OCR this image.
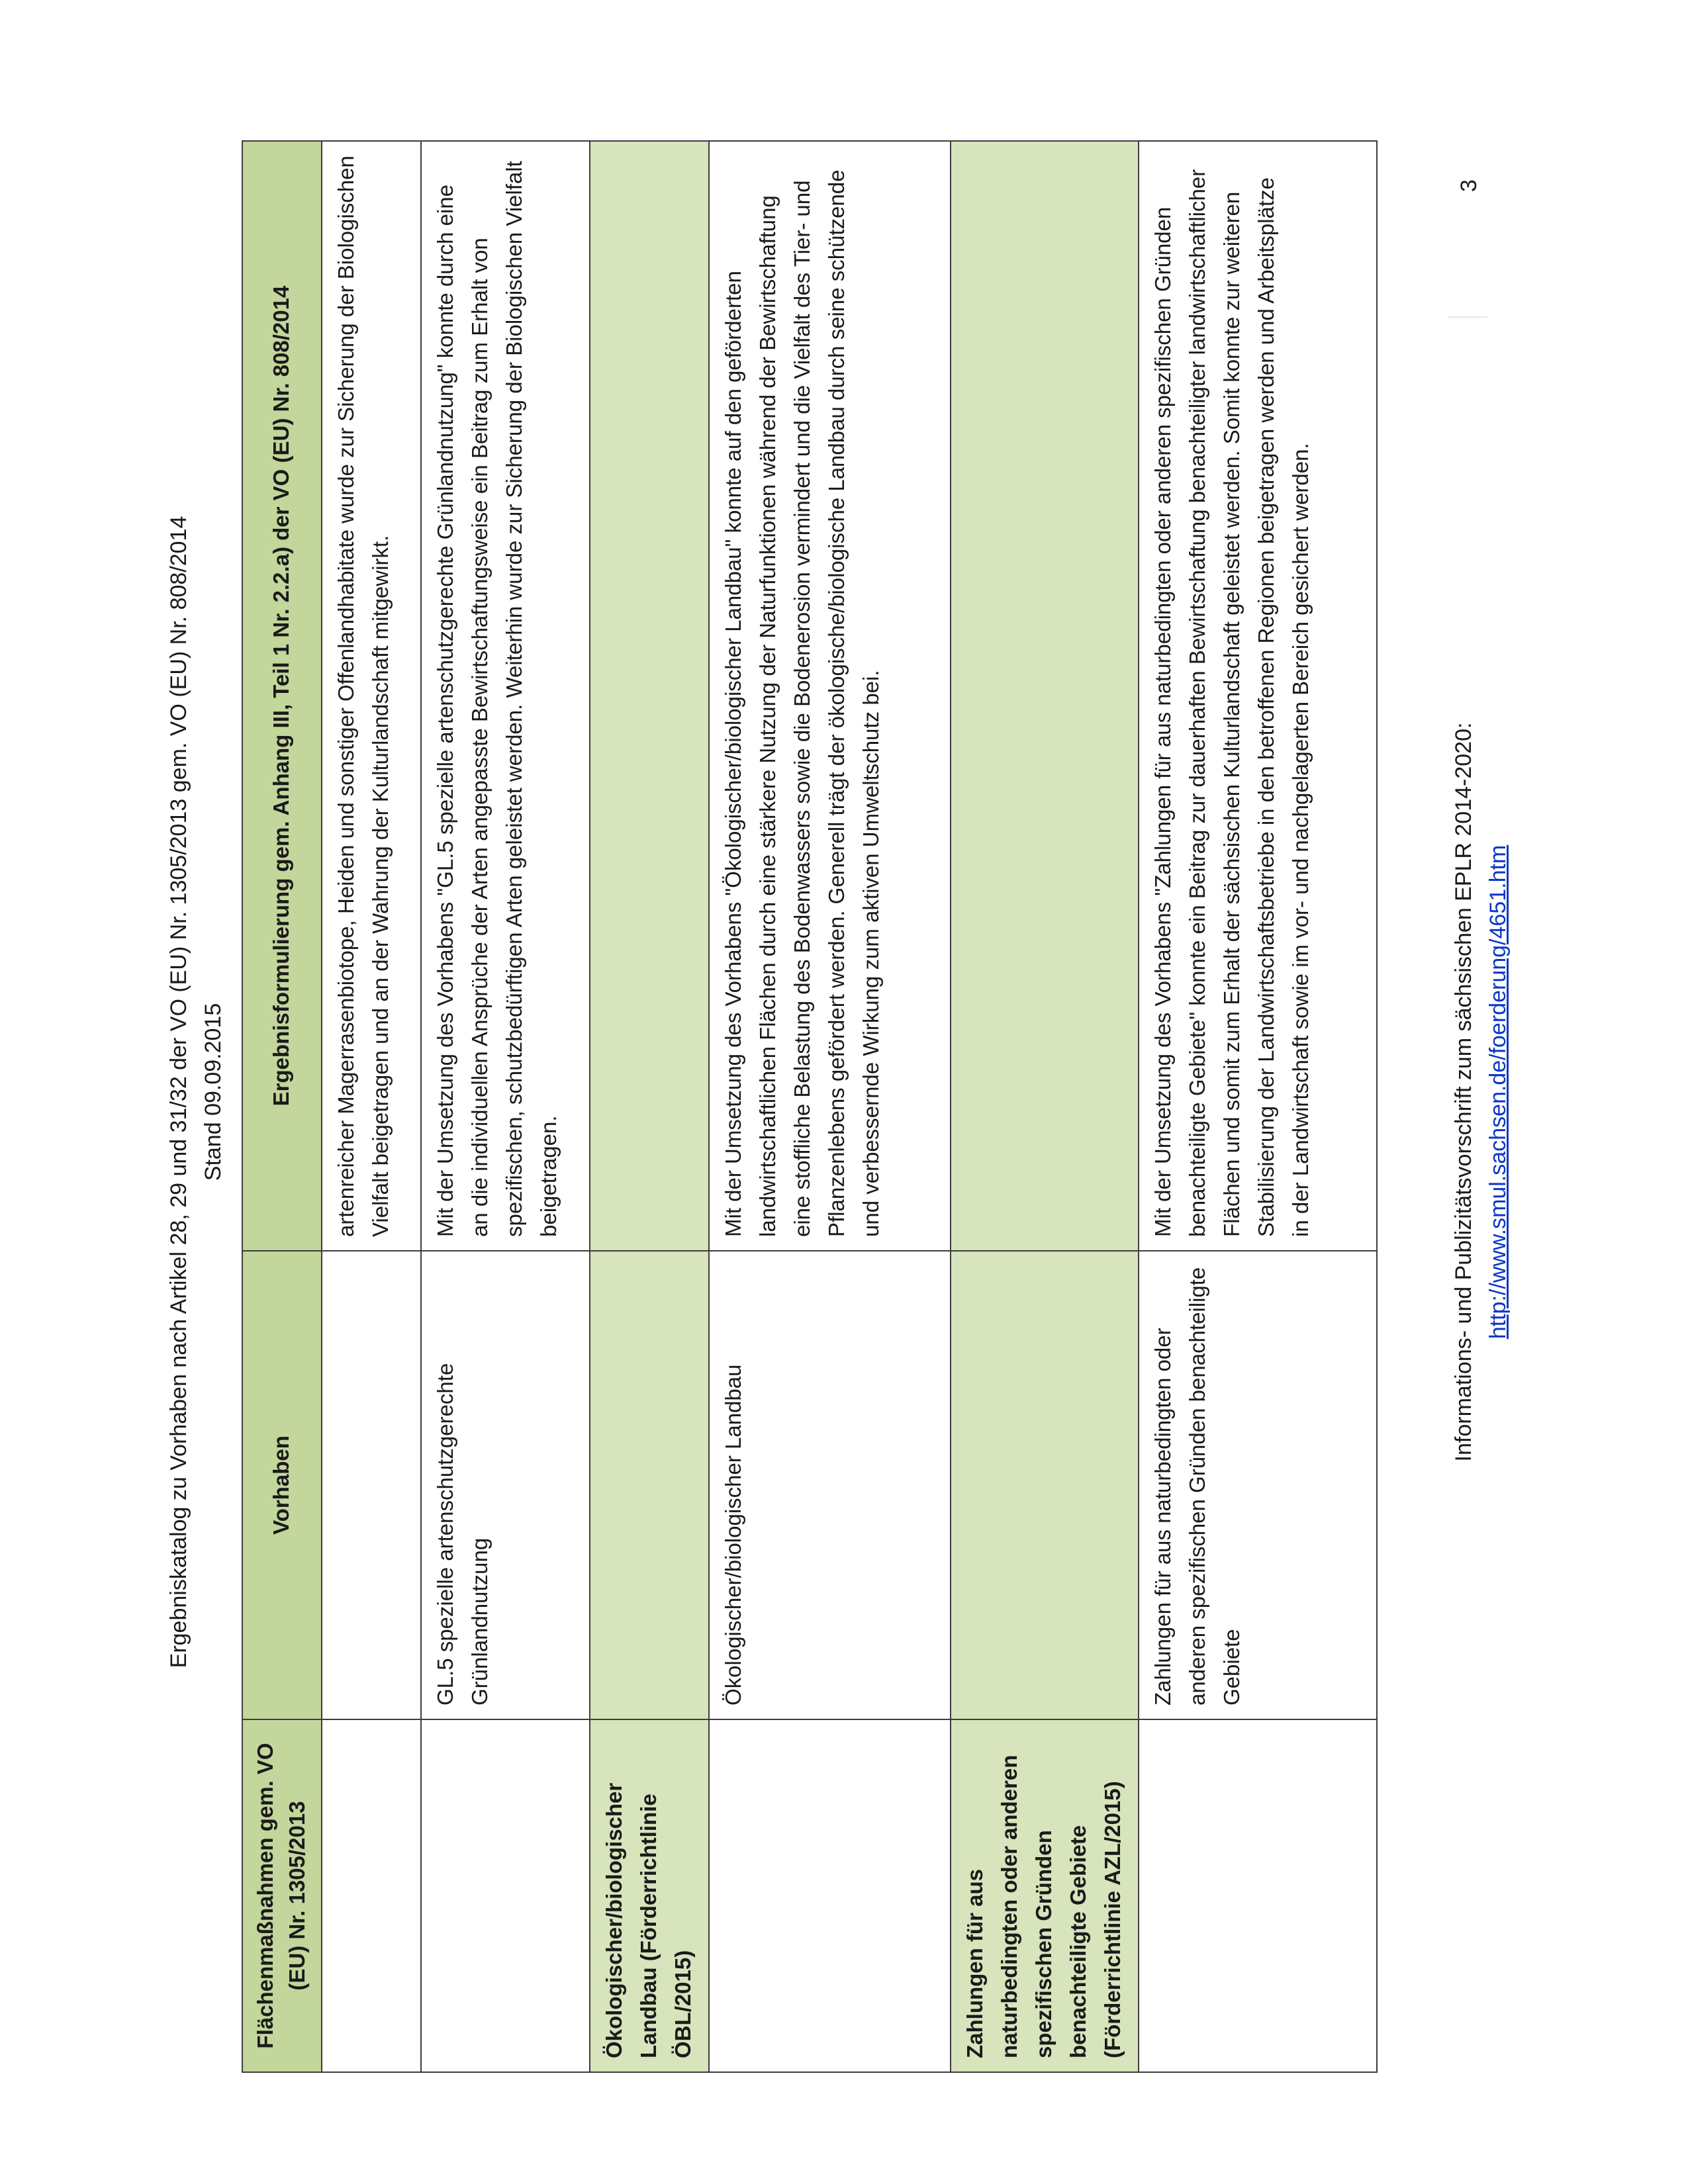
Ergebniskatalog zu Vorhaben nach Artikel 28, 29 und 31/32 der VO (EU) Nr. 1305/2013 gem. VO (EU) Nr. 808/2014 Stand 09.09.2015
Flächenmaßnahmen gem. VO (EU) Nr. 1305/2013	Vorhaben	Ergebnisformulierung gem. Anhang III, Teil 1 Nr. 2.2.a) der VO (EU) Nr. 808/2014
		artenreicher Magerrasenbiotope, Heiden und sonstiger Offenlandhabitate wurde zur Sicherung der Biologischen Vielfalt beigetragen und an der Wahrung der Kulturlandschaft mitgewirkt.
	GL.5 spezielle artenschutzgerechte Grünlandnutzung	Mit der Umsetzung des Vorhabens "GL.5 spezielle artenschutzgerechte Grünlandnutzung" konnte durch eine an die individuellen Ansprüche der Arten angepasste Bewirtschaftungsweise ein Beitrag zum Erhalt von spezifischen, schutzbedürftigen Arten geleistet werden. Weiterhin wurde zur Sicherung der Biologischen Vielfalt beigetragen.
Ökologischer/biologischer Landbau (Förderrichtlinie ÖBL/2015)		
	Ökologischer/biologischer Landbau	Mit der Umsetzung des Vorhabens "Ökologischer/biologischer Landbau" konnte auf den geförderten landwirtschaftlichen Flächen durch eine stärkere Nutzung der Naturfunktionen während der Bewirtschaftung eine stoffliche Belastung des Bodenwassers sowie die Bodenerosion vermindert und die Vielfalt des Tier- und Pflanzenlebens gefördert werden. Generell trägt der ökologische/biologische Landbau durch seine schützende und verbessernde Wirkung zum aktiven Umweltschutz bei.
Zahlungen für aus naturbedingten oder anderen spezifischen Gründen benachteiligte Gebiete (Förderrichtlinie AZL/2015)		
	Zahlungen für aus naturbedingten oder anderen spezifischen Gründen benachteiligte Gebiete	Mit der Umsetzung des Vorhabens "Zahlungen für aus naturbedingten oder anderen spezifischen Gründen benachteiligte Gebiete" konnte ein Beitrag zur dauerhaften Bewirtschaftung benachteiligter landwirtschaftlicher Flächen und somit zum Erhalt der sächsischen Kulturlandschaft geleistet werden. Somit konnte zur weiteren Stabilisierung der Landwirtschaftsbetriebe in den betroffenen Regionen beigetragen werden und Arbeitsplätze in der Landwirtschaft sowie im vor- und nachgelagerten Bereich gesichert werden.	Informations- und Publizitätsvorschrift zum sächsischen EPLR 2014-2020: http://www.smul.sachsen.de/foerderung/4651.htm
3
